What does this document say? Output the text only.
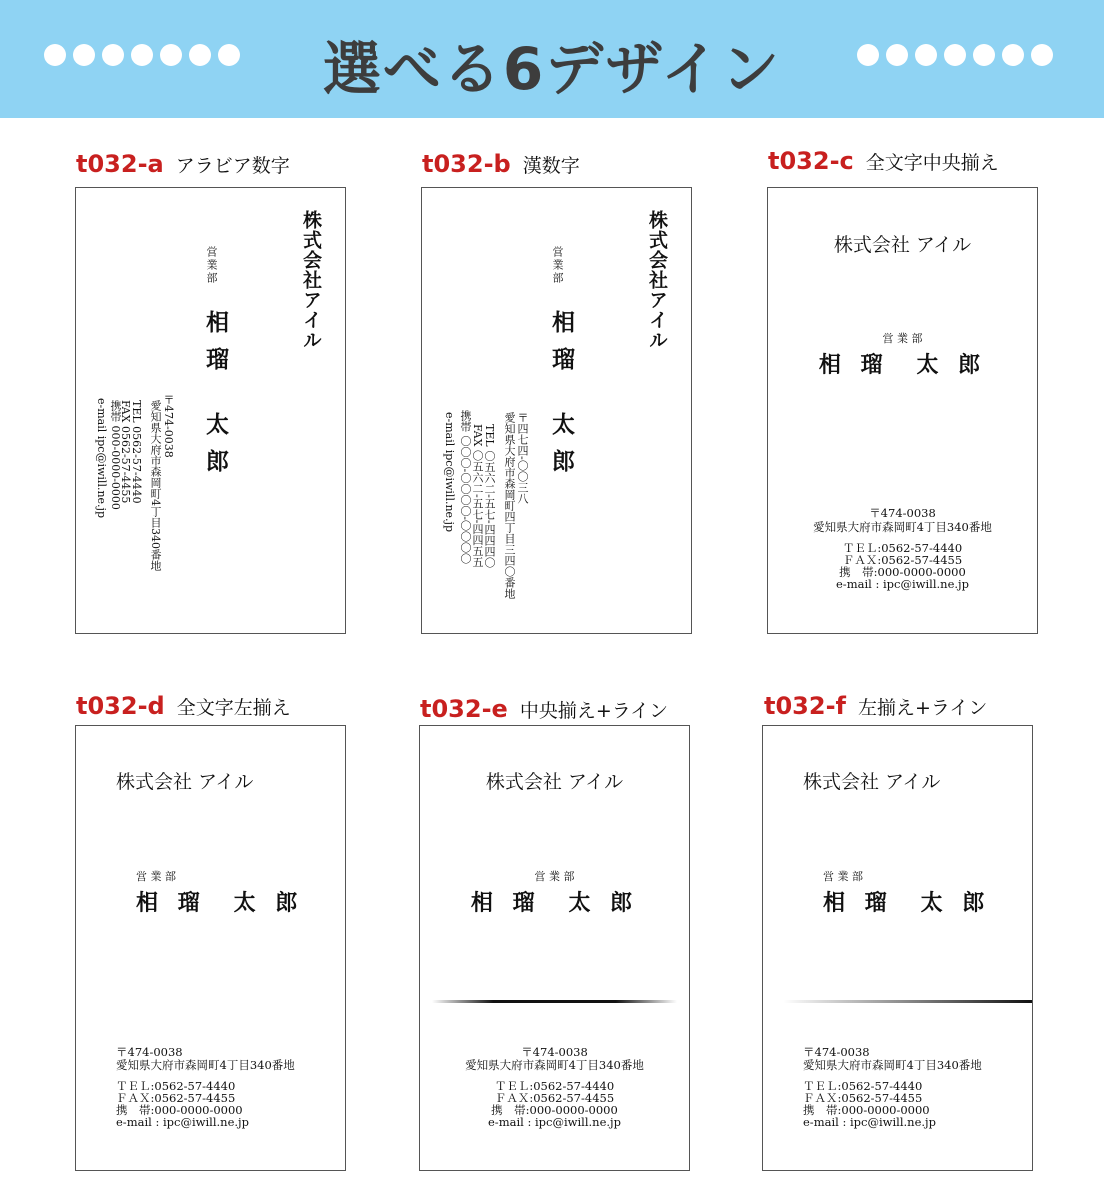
選べる6デザイン
t032-a アラビア数字	t032-b 漢数字	t032-c 全文字中央揃え
t032-d 全文字左揃え	t032-e 中央揃え+ライン	t032-f 左揃え+ライン
株式会社アイル
営業部
相瑠
太郎
〒474-0038
愛知県大府市森岡町4丁目340番地
TEL 0562-57-4440
FAX 0562-57-4455
携帯 000-0000-0000
e-mail ipc@iwill.ne.jp
株式会社アイル
営業部
相瑠
太郎
〒四七四-〇〇三八
愛知県大府市森岡町四丁目三四〇番地
TEL 〇五六二-五七-四四四〇
FAX 〇五六二-五七-四四五五
携帯 〇〇〇-〇〇〇〇-〇〇〇〇
e-mail ipc@iwill.ne.jp
株式会社 アイル
営 業 部
相 瑠　太 郎
〒474-0038
愛知県大府市森岡町4丁目340番地
ＴＥＬ:0562-57-4440
ＦＡＸ:0562-57-4455
携　帯:000-0000-0000
e-mail : ipc@iwill.ne.jp
株式会社 アイル
営 業 部
相 瑠　太 郎
〒474-0038
愛知県大府市森岡町4丁目340番地
ＴＥＬ:0562-57-4440
ＦＡＸ:0562-57-4455
携　帯:000-0000-0000
e-mail : ipc@iwill.ne.jp
株式会社 アイル
営 業 部
相 瑠　太 郎
〒474-0038
愛知県大府市森岡町4丁目340番地
ＴＥＬ:0562-57-4440
ＦＡＸ:0562-57-4455
携　帯:000-0000-0000
e-mail : ipc@iwill.ne.jp
株式会社 アイル
営 業 部
相 瑠　太 郎
〒474-0038
愛知県大府市森岡町4丁目340番地
ＴＥＬ:0562-57-4440
ＦＡＸ:0562-57-4455
携　帯:000-0000-0000
e-mail : ipc@iwill.ne.jp
